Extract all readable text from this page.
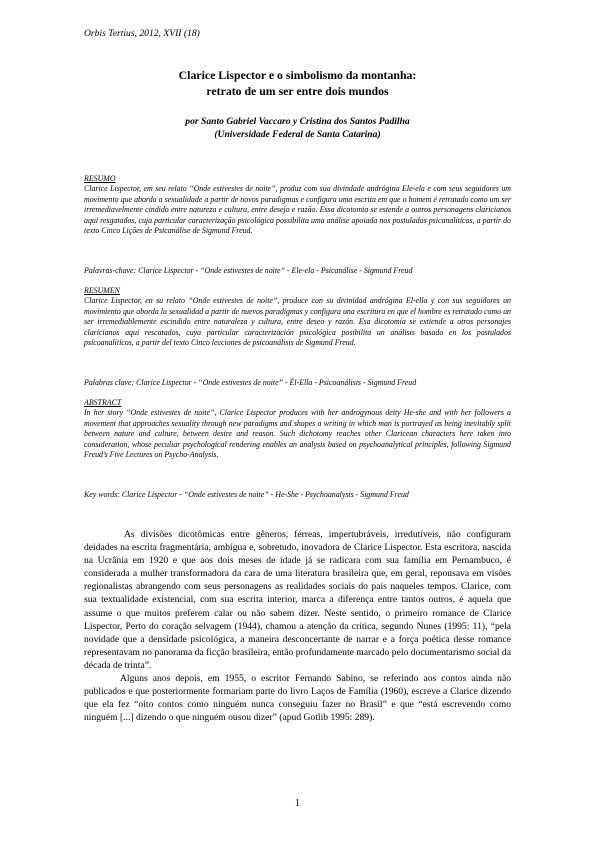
Orbis Tertius, 2012, XVII (18)
Clarice Lispector e o simbolismo da montanha:
retrato de um ser entre dois mundos
por Santo Gabriel Vaccaro y Cristina dos Santos Padilha
(Universidade Federal de Santa Catarina)
RESUMO
Clarice Lispector, em seu relato “Onde estivestes de noite”, produz com sua divindade andrógina Ele-ela e com seus seguidores um movimento que aborda a sexualidade a partir de novos paradigmas e configura uma escrita em que o homem é retratado como um ser irremediavelmente cindido entre natureza e cultura, entre desejo e razão. Essa dicotomia se estende a outros personagens claricianos aqui resgatados, cuja particular caracterização psicológica possibilita uma análise apoiada nos postulados psicanalíticos, a partir do texto Cinco Lições de Psicanálise de Sigmund Freud.
Palavras-chave: Clarice Lispector - “Onde estivestes de noite” - Ele-ela - Psicanálise - Sigmund Freud
RESUMEN
Clarice Lispector, en su relato “Onde estivestes de noite”, produce con su divinidad andrógina El-ella y con sus seguidores un movimiento que aborda la sexualidad a partir de nuevos paradigmas y configura una escritura en que el hombre es retratado como un ser irremediablemente escindido entre naturaleza y cultura, entre deseo y razón. Esa dicotomía se extiende a otros personajes claricianos aquí rescatados, cuya particular caracterización psicológica posibilita un análisis basado en los postulados psicoanalíticos, a partir del texto Cinco lecciones de psicoanálisis de Sigmund Freud.
Palabras clave: Clarice Lispector - “Onde estivestes de noite” - Él-Ella - Psicoanálisis - Sigmund Freud
ABSTRACT
In her story “Onde estivestes de noite”, Clarice Lispector produces with her androgynous deity He-she and with her followers a movement that approaches sexuality through new paradigms and shapes a writing in which man is portrayed as being inevitably split between nature and culture, between desire and reason. Such dichotomy reaches other Claricean characters here taken into consideration, whose peculiar psychological rendering enables an analysis based on psychoanalytical principles, following Sigmund Freud’s Five Lectures on Psycho-Analysis.
Key words: Clarice Lispector - “Onde estivestes de noite” - He-She - Psychoanalysis - Sigmund Freud

As divisões dicotômicas entre gêneros, férreas, impertubráveis, irredutíveis, não configuram deidades na escrita fragmentária, ambígua e, sobretudo, inovadora de Clarice Lispector. Esta escritora, nascida na Ucrânia em 1920 e que aos dois meses de idade já se radicara com sua família em Pernambuco, é considerada a mulher transformadora da cara de uma literatura brasileira que, em geral, repousava em visões regionalistas abrangendo com seus personagens as realidades sociais do país naqueles tempos. Clarice, com sua textualidade existencial, com sua escrita interior, marca a diferença entre tantos outros, é aquela que assume o que muitos preferem calar ou não sabem dizer. Neste sentido, o primeiro romance de Clarice Lispector, Perto do coração selvagem (1944), chamou a atenção da crítica, segundo Nunes (1995: 11), “pela novidade que a densidade psicológica, a maneira desconcertante de narrar e a força poética desse romance representavam no panorama da ficção brasileira, então profundamente marcado pelo documentarismo social da década de trinta”.

Alguns anos depois, em 1955, o escritor Fernando Sabino, se referindo aos contos ainda não publicados e que posteriormente formariam parte do livro Laços de Família (1960), escreve a Clarice dizendo que ela fez “oito contos como ninguém nunca conseguiu fazer no Brasil” e que “está escrevendo como ninguém [...] dizendo o que ninguém ousou dizer” (apud Gotlib 1995: 289).

1
